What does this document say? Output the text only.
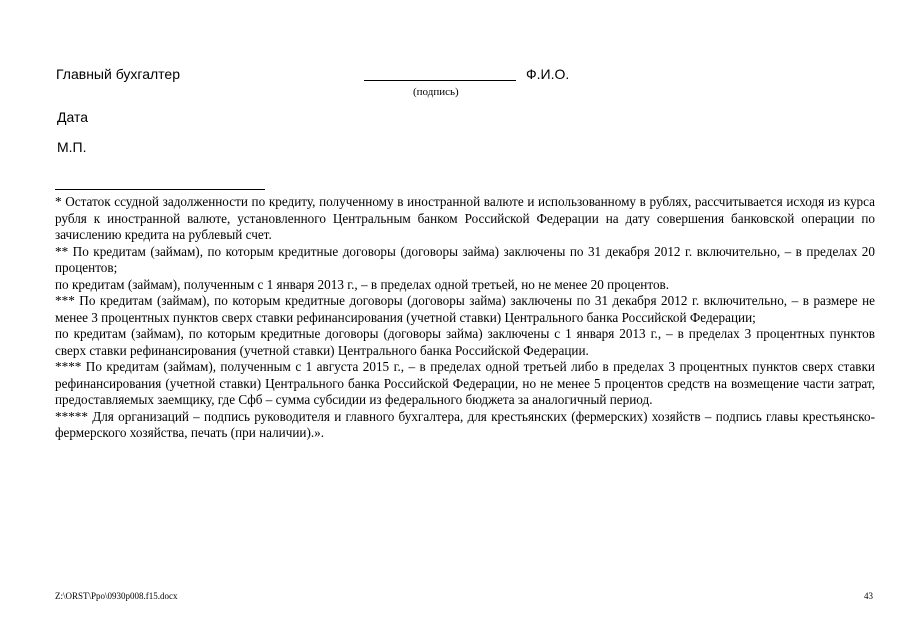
Главный бухгалтер	Ф.И.О.
(подпись)
Дата
М.П.

* Остаток ссудной задолженности по кредиту, полученному в иностранной валюте и использованному в рублях, рассчитывается исходя из курса рубля к иностранной валюте, установленного Центральным банком Российской Федерации на дату совершения банковской операции по зачислению кредита на рублевый счет.

** По кредитам (займам), по которым кредитные договоры (договоры займа) заключены по 31 декабря 2012 г. включительно, – в пределах 20 процентов;

по кредитам (займам), полученным с 1 января 2013 г., – в пределах одной третьей, но не менее 20 процентов.

*** По кредитам (займам), по которым кредитные договоры (договоры займа) заключены по 31 декабря 2012 г. включительно, – в размере не менее 3 процентных пунктов сверх ставки рефинансирования (учетной ставки) Центрального банка Российской Федерации;

по кредитам (займам), по которым кредитные договоры (договоры займа) заключены с 1 января 2013 г., – в пределах 3 процентных пунктов сверх ставки рефинансирования (учетной ставки) Центрального банка Российской Федерации.

**** По кредитам (займам), полученным с 1 августа 2015 г., – в пределах одной третьей либо в пределах 3 процентных пунктов сверх ставки рефинансирования (учетной ставки) Центрального банка Российской Федерации, но не менее 5 процентов средств на возмещение части затрат, предоставляемых заемщику, где Сфб – сумма субсидии из федерального бюджета за аналогичный период.

***** Для организаций – подпись руководителя и главного бухгалтера, для крестьянских (фермерских) хозяйств – подпись главы крестьянско-фермерского хозяйства, печать (при наличии).».

Z:\ORST\Ppo\0930p008.f15.docx	43
